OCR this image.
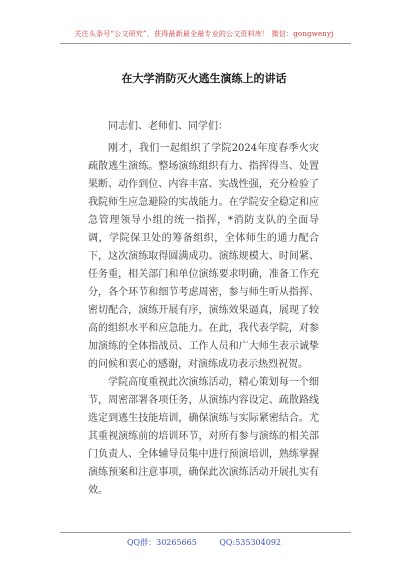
关注头条号“公文研究”，获得最新最全最专业的公文资料库！ 微信：gongwenyj
在大学消防灭火逃生演练上的讲话

同志们、老师们、同学们：

刚才，我们一起组织了学院2024年度春季火灾疏散逃生演练。整场演练组织有力、指挥得当、处置果断、动作到位、内容丰富、实战性强，充分检验了我院师生应急避险的实战能力。在学院安全稳定和应急管理领导小组的统一指挥，*消防支队的全面导调，学院保卫处的筹备组织，全体师生的通力配合下，这次演练取得圆满成功。演练规模大、时间紧、任务重，相关部门和单位演练要求明确，准备工作充分，各个环节和细节考虑周密，参与师生听从指挥、密切配合，演练开展有序，演练效果逼真，展现了较高的组织水平和应急能力。在此，我代表学院，对参加演练的全体指战员、工作人员和广大师生表示诚挚的问候和衷心的感谢，对演练成功表示热烈祝贺。

学院高度重视此次演练活动，精心策划每一个细节，周密部署各项任务，从演练内容设定、疏散路线选定到逃生技能培训，确保演练与实际紧密结合。尤其重视演练前的培训环节，对所有参与演练的相关部门负责人、全体辅导员集中进行预演培训，熟练掌握演练预案和注意事项，确保此次演练活动开展扎实有效。

QQ群：30265665	QQ:535304092
